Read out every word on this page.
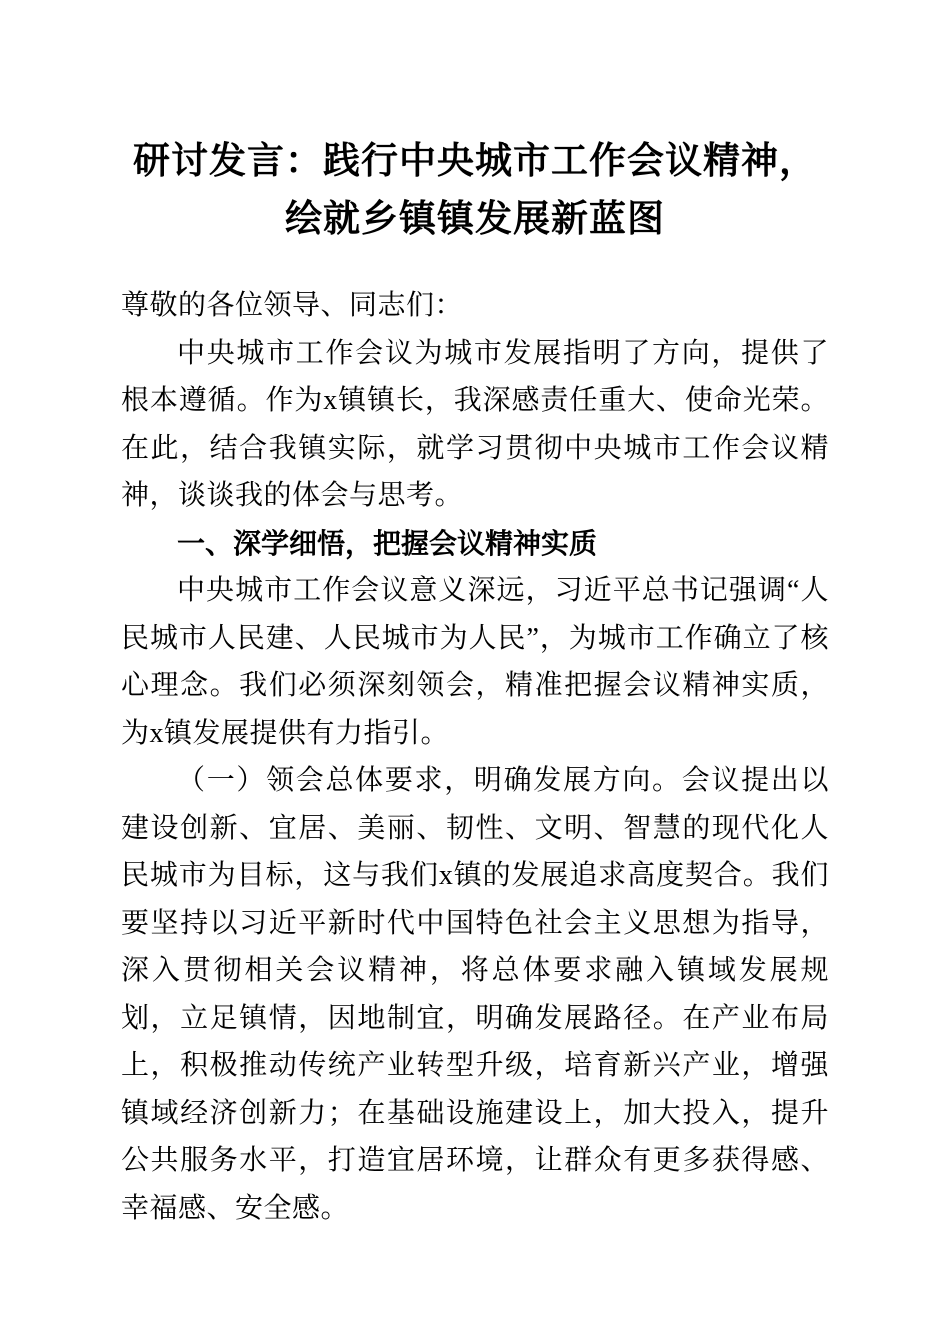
研讨发言：践行中央城市工作会议精神，绘就乡镇镇发展新蓝图

尊敬的各位领导、同志们：

中央城市工作会议为城市发展指明了方向，提供了根本遵循。作为x镇镇长，我深感责任重大、使命光荣。在此，结合我镇实际，就学习贯彻中央城市工作会议精神，谈谈我的体会与思考。

一、深学细悟，把握会议精神实质

中央城市工作会议意义深远，习近平总书记强调“人民城市人民建、人民城市为人民”，为城市工作确立了核心理念。我们必须深刻领会，精准把握会议精神实质，为x镇发展提供有力指引。

（一）领会总体要求，明确发展方向。会议提出以建设创新、宜居、美丽、韧性、文明、智慧的现代化人民城市为目标，这与我们x镇的发展追求高度契合。我们要坚持以习近平新时代中国特色社会主义思想为指导，深入贯彻相关会议精神，将总体要求融入镇域发展规划，立足镇情，因地制宜，明确发展路径。在产业布局上，积极推动传统产业转型升级，培育新兴产业，增强镇域经济创新力；在基础设施建设上，加大投入，提升公共服务水平，打造宜居环境，让群众有更多获得感、幸福感、安全感。
